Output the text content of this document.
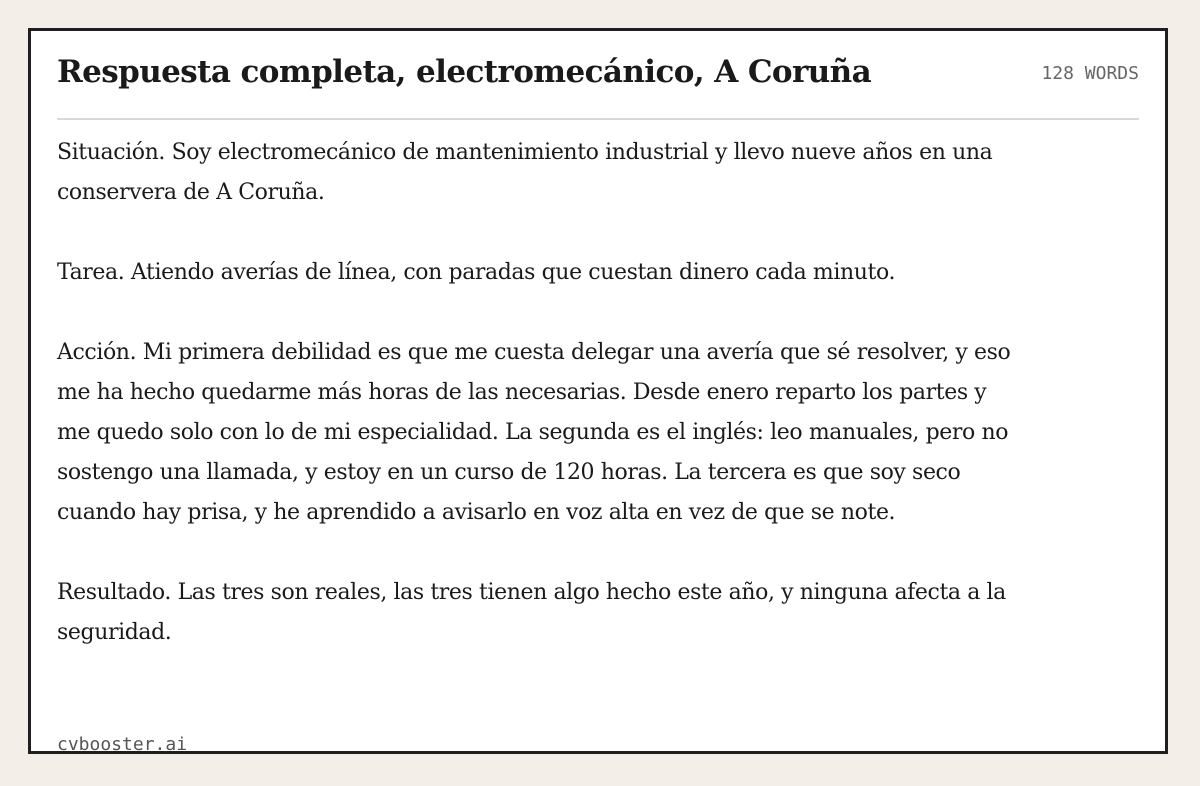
Respuesta completa, electromecánico, A Coruña	128 WORDS

Situación. Soy electromecánico de mantenimiento industrial y llevo nueve años en una conservera de A Coruña.

Tarea. Atiendo averías de línea, con paradas que cuestan dinero cada minuto.

Acción. Mi primera debilidad es que me cuesta delegar una avería que sé resolver, y eso me ha hecho quedarme más horas de las necesarias. Desde enero reparto los partes y me quedo solo con lo de mi especialidad. La segunda es el inglés: leo manuales, pero no sostengo una llamada, y estoy en un curso de 120 horas. La tercera es que soy seco cuando hay prisa, y he aprendido a avisarlo en voz alta en vez de que se note.

Resultado. Las tres son reales, las tres tienen algo hecho este año, y ninguna afecta a la seguridad.

cvbooster.ai
